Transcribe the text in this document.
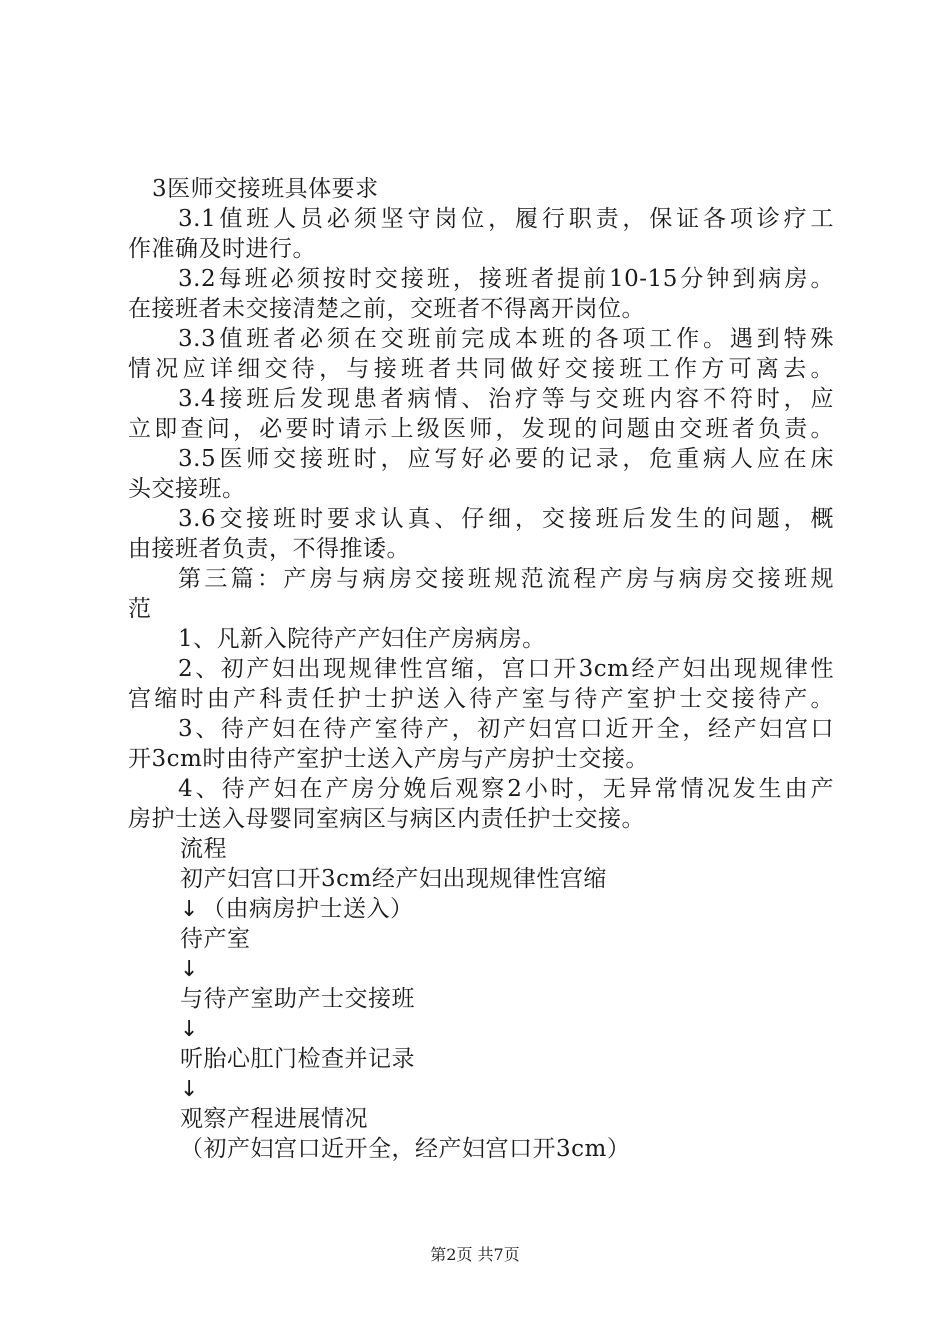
3医师交接班具体要求
3.1值班人员必须坚守岗位，履行职责，保证各项诊疗工
作准确及时进行。
3.2每班必须按时交接班，接班者提前10-15分钟到病房。
在接班者未交接清楚之前，交班者不得离开岗位。
3.3值班者必须在交班前完成本班的各项工作。遇到特殊
情况应详细交待，与接班者共同做好交接班工作方可离去。
3.4接班后发现患者病情、治疗等与交班内容不符时，应
立即查问，必要时请示上级医师，发现的问题由交班者负责。
3.5医师交接班时，应写好必要的记录，危重病人应在床
头交接班。
3.6交接班时要求认真、仔细，交接班后发生的问题，概
由接班者负责，不得推诿。
第三篇：产房与病房交接班规范流程产房与病房交接班规
范
1、凡新入院待产产妇住产房病房。
2、初产妇出现规律性宫缩，宫口开3cm经产妇出现规律性
宫缩时由产科责任护士护送入待产室与待产室护士交接待产。
3、待产妇在待产室待产，初产妇宫口近开全，经产妇宫口
开3cm时由待产室护士送入产房与产房护士交接。
4、待产妇在产房分娩后观察2小时，无异常情况发生由产
房护士送入母婴同室病区与病区内责任护士交接。
流程
初产妇宫口开3cm经产妇出现规律性宫缩
↓ （由病房护士送入）
待产室
↓
与待产室助产士交接班
↓
听胎心肛门检查并记录
↓
观察产程进展情况
（初产妇宫口近开全，经产妇宫口开3cm）
第2页 共7页
